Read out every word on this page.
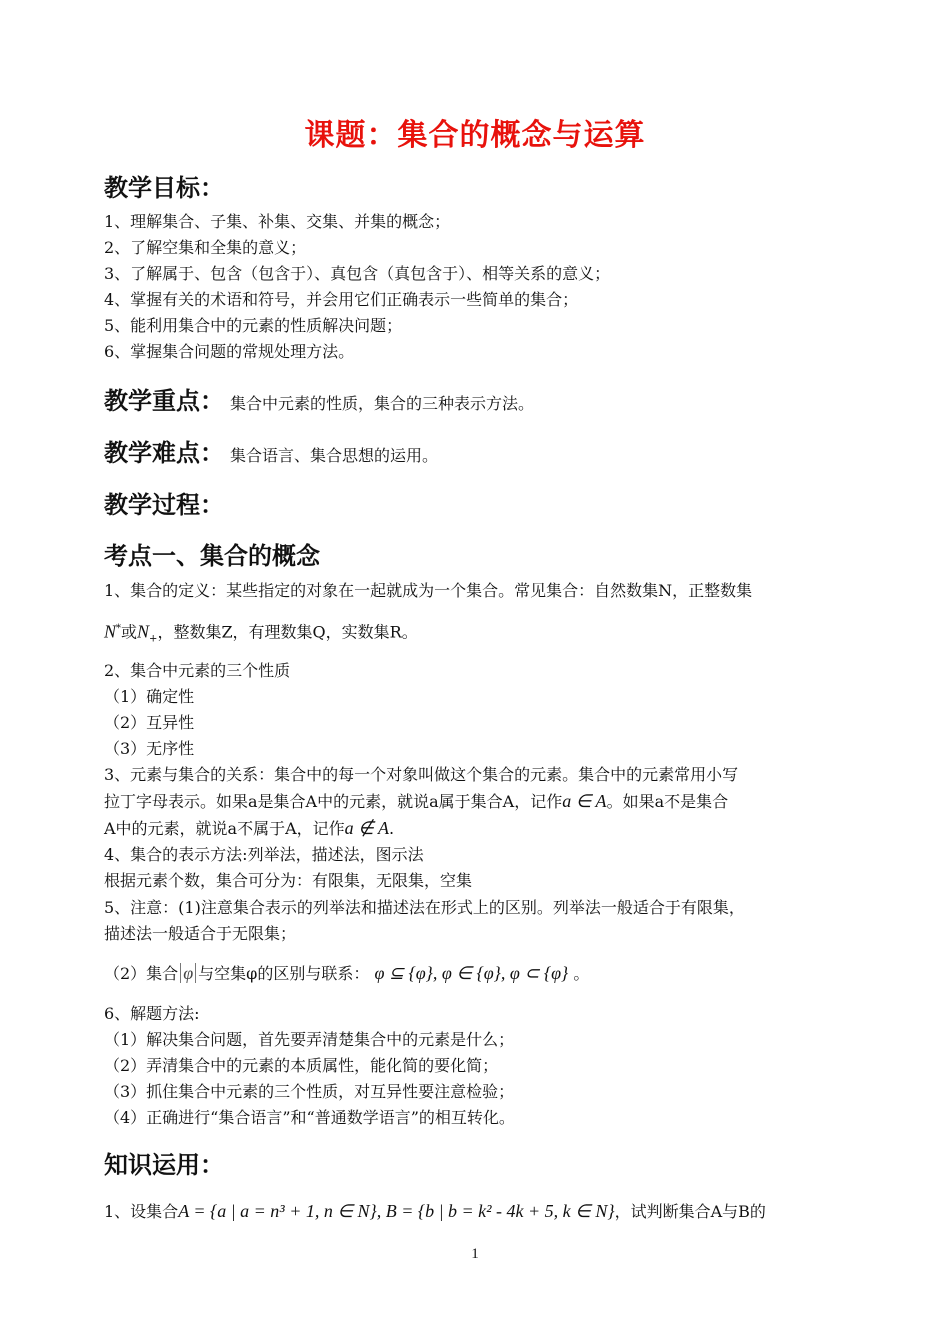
课题：集合的概念与运算
教学目标：
1、理解集合、子集、补集、交集、并集的概念；
2、了解空集和全集的意义；
3、了解属于、包含（包含于）、真包含（真包含于）、相等关系的意义；
4、掌握有关的术语和符号，并会用它们正确表示一些简单的集合；
5、能利用集合中的元素的性质解决问题；
6、掌握集合问题的常规处理方法。
教学重点： 集合中元素的性质，集合的三种表示方法。
教学难点： 集合语言、集合思想的运用。
教学过程：
考点一、集合的概念
1、集合的定义：某些指定的对象在一起就成为一个集合。常见集合：自然数集N，正整数集
N*或$N_+$，整数集Z，有理数集Q，实数集R。
2、集合中元素的三个性质
（1）确定性
（2）互异性
（3）无序性
3、元素与集合的关系：集合中的每一个对象叫做这个集合的元素。集合中的元素常用小写
拉丁字母表示。如果a是集合A中的元素，就说a属于集合A，记作a ∈ A。如果a不是集合
A中的元素，就说a不属于A，记作a ∉ A.
4、集合的表示方法:列举法，描述法，图示法
根据元素个数，集合可分为：有限集，无限集，空集
5、注意：(1)注意集合表示的列举法和描述法在形式上的区别。列举法一般适合于有限集，
描述法一般适合于无限集；
（2）集合 φ 与空集φ的区别与联系： φ ⊆ {φ}, φ ∈ {φ}, φ ⊂ {φ} 。
6、解题方法:
（1）解决集合问题，首先要弄清楚集合中的元素是什么；
（2）弄清集合中的元素的本质属性，能化简的要化简；
（3）抓住集合中元素的三个性质，对互异性要注意检验；
（4）正确进行“集合语言”和“普通数学语言”的相互转化。
知识运用：
1、设集合A = {a | a = n³ + 1, n ∈ N}, B = {b | b = k² - 4k + 5, k ∈ N}，试判断集合A与B的
1
